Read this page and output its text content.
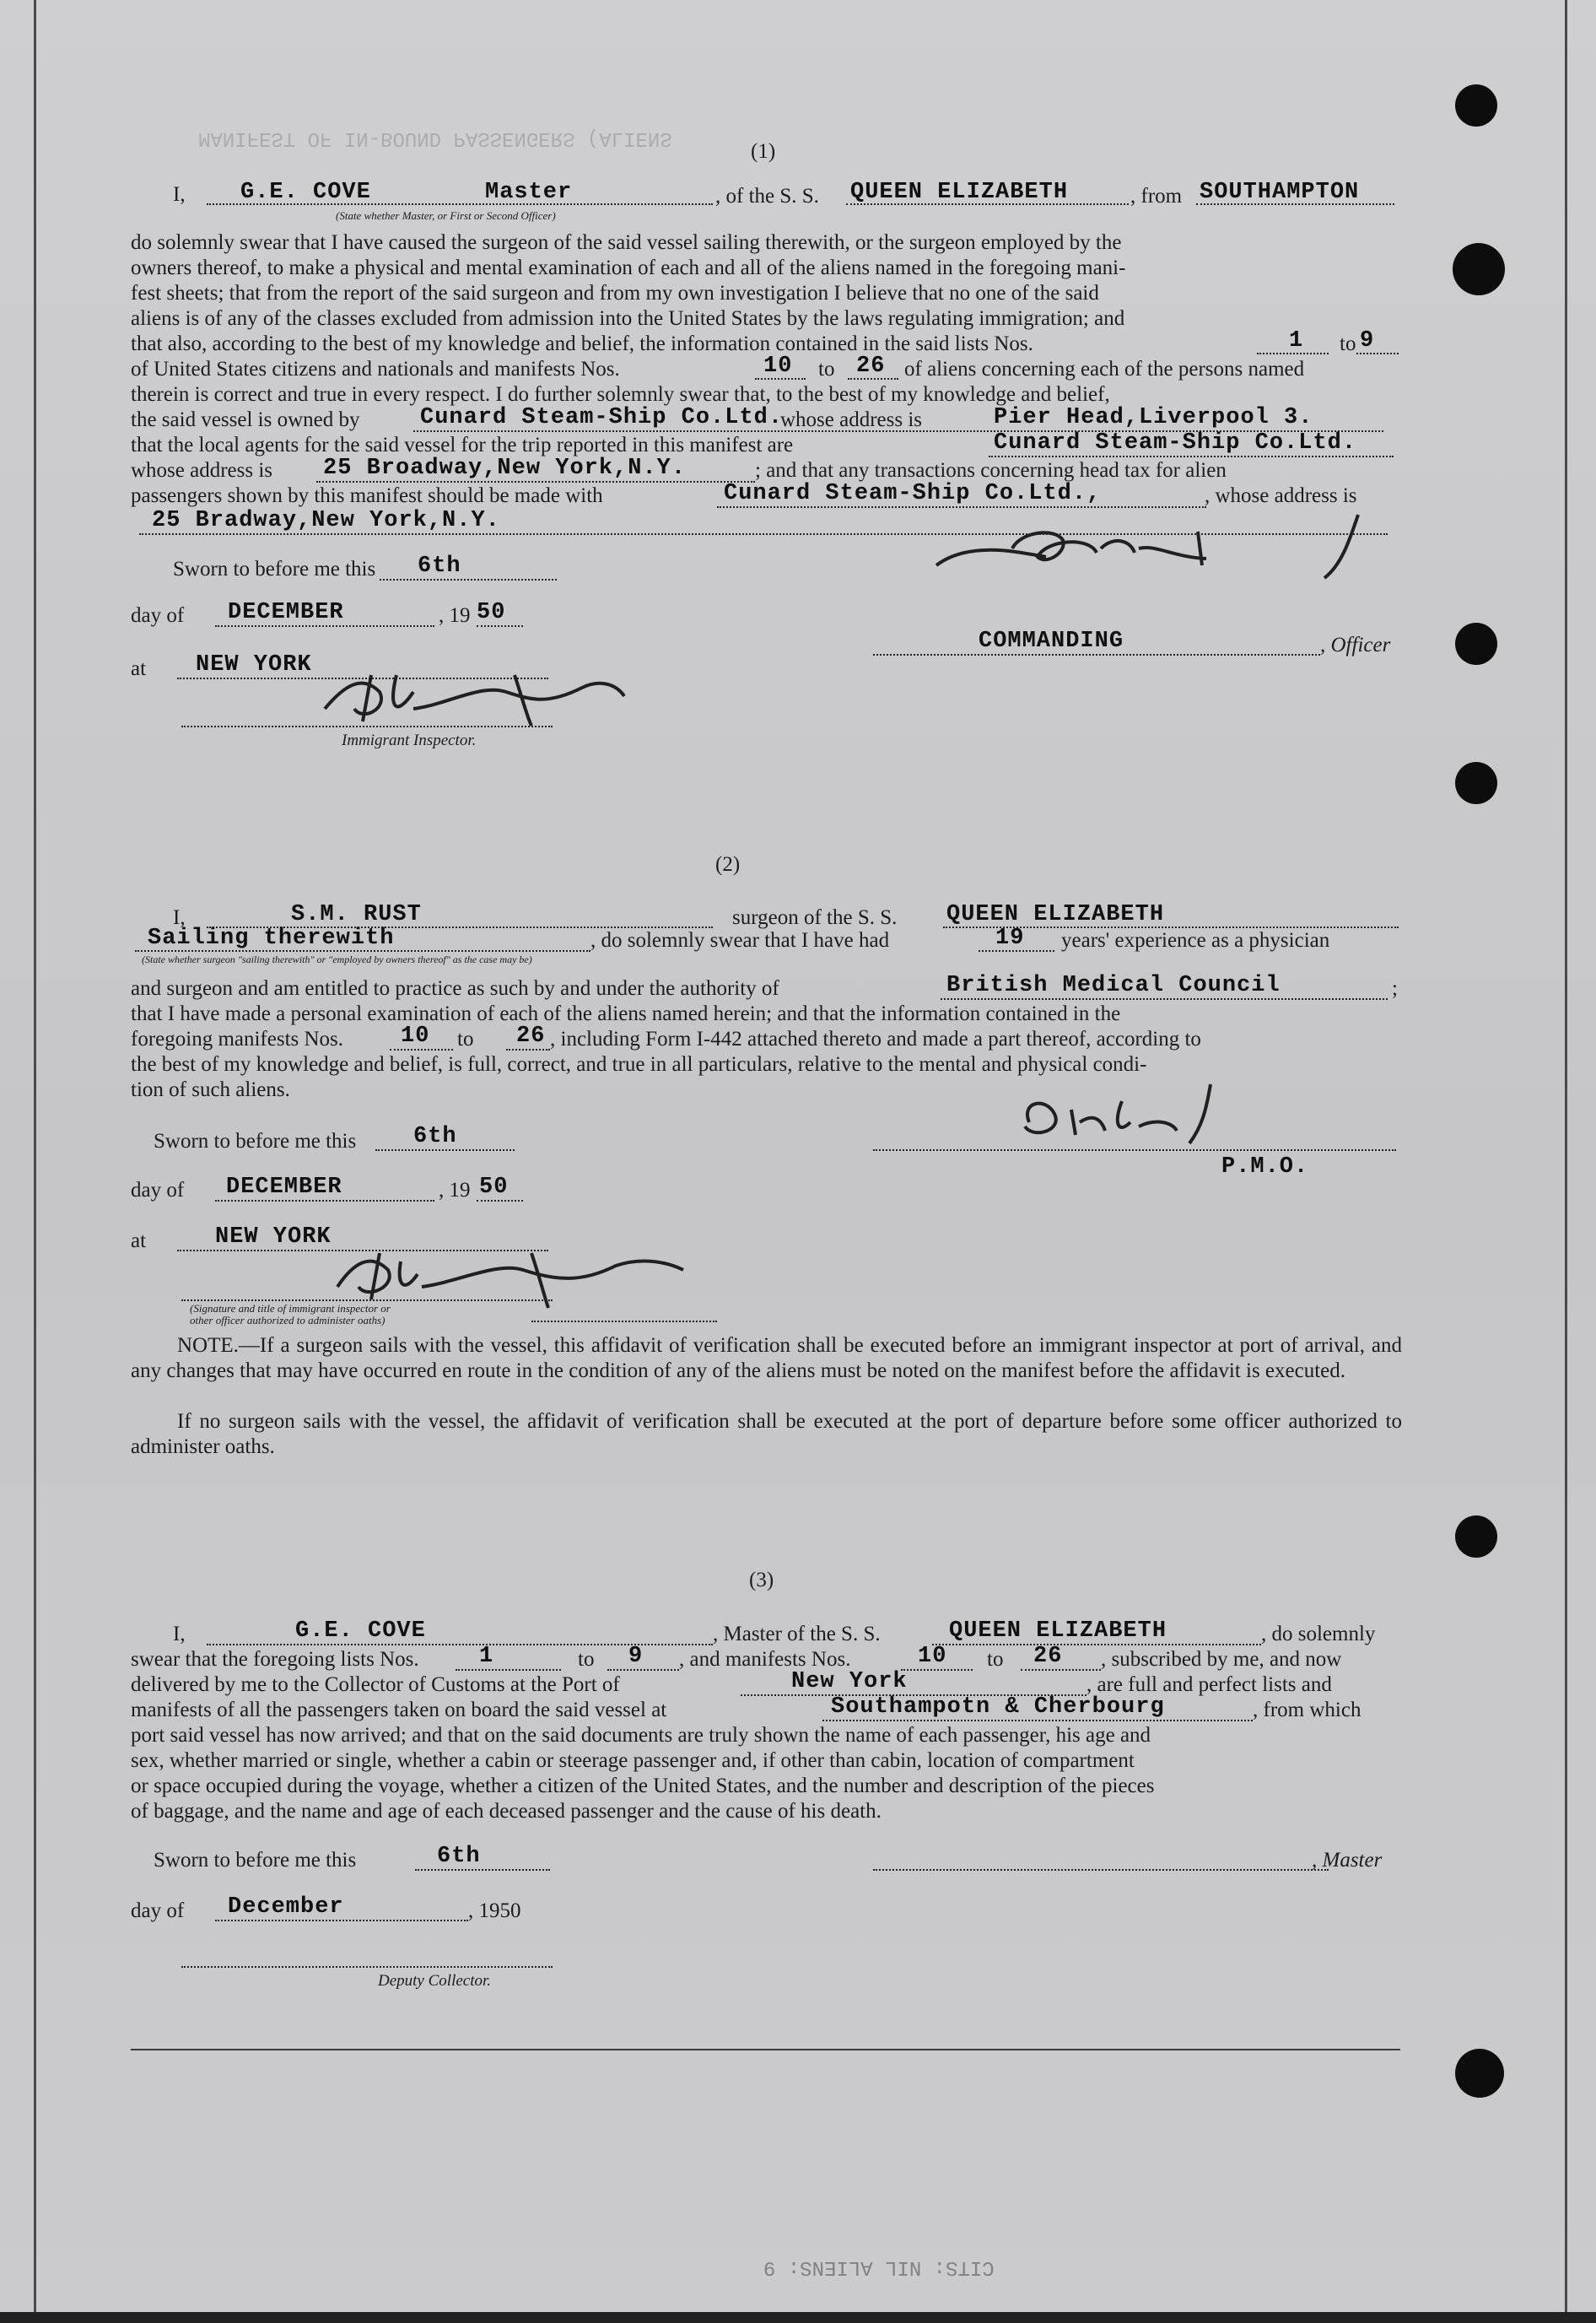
MANIFEST OF IN-BOUND PASSENGERS (ALIENS
(1)
I, G.E. COVE	Master	, of the S. S. QUEEN ELIZABETH	, from SOUTHAMPTON
(State whether Master, or First or Second Officer)
do solemnly swear that I have caused the surgeon of the said vessel sailing therewith, or the surgeon employed by the
owners thereof, to make a physical and mental examination of each and all of the aliens named in the foregoing mani-
fest sheets; that from the report of the said surgeon and from my own investigation I believe that no one of the said
aliens is of any of the classes excluded from admission into the United States by the laws regulating immigration; and
that also, according to the best of my knowledge and belief, the information contained in the said lists Nos.	1 to 9
of United States citizens and nationals and manifests Nos.	10 to 26 of aliens concerning each of the persons named
therein is correct and true in every respect. I do further solemnly swear that, to the best of my knowledge and belief,
the said vessel is owned by	Cunard Steam-Ship Co.Ltd.
whose address is	Pier Head,Liverpool 3.
that the local agents for the said vessel for the trip reported in this manifest are	Cunard Steam-Ship Co.Ltd.
whose address is 25 Broadway,New York,N.Y.	; and that any transactions concerning head tax for alien
passengers shown by this manifest should be made with	Cunard Steam-Ship Co.Ltd.,	, whose address is
25 Bradway,New York,N.Y.
Sworn to before me this 6th
day of DECEMBER	, 19 50
at NEW YORK
COMMANDING	, Officer
Immigrant Inspector.
(2)
I,	S.M. RUST	surgeon of the S. S. QUEEN ELIZABETH
Sailing therewith	, do solemnly swear that I have had	19 years' experience as a physician
(State whether surgeon "sailing therewith" or "employed by owners thereof" as the case may be)
and surgeon and am entitled to practice as such by and under the authority of	British Medical Council	;
that I have made a personal examination of each of the aliens named herein; and that the information contained in the
foregoing manifests Nos.	10 to 26 , including Form I-442 attached thereto and made a part thereof, according to
the best of my knowledge and belief, is full, correct, and true in all particulars, relative to the mental and physical condi-
tion of such aliens.
Sworn to before me this	6th
day of DECEMBER	, 19 50
P.M.O.
at	NEW YORK
(Signature and title of immigrant inspector or
other officer authorized to administer oaths)
NOTE.—If a surgeon sails with the vessel, this affidavit of verification shall be executed before an immigrant inspector at port of arrival, and any changes that may have occurred en route in the condition of any of the aliens must be noted on the manifest before the affidavit is executed.
If no surgeon sails with the vessel, the affidavit of verification shall be executed at the port of departure before some officer authorized to administer oaths.
(3)
I,	G.E. COVE	, Master of the S. S.	QUEEN ELIZABETH	, do solemnly
swear that the foregoing lists Nos.	1	to 9 , and manifests Nos.	10 to 26 , subscribed by me, and now
delivered by me to the Collector of Customs at the Port of	New York	, are full and perfect lists and
manifests of all the passengers taken on board the said vessel at	Southampotn & Cherbourg	, from which
port said vessel has now arrived; and that on the said documents are truly shown the name of each passenger, his age and
sex, whether married or single, whether a cabin or steerage passenger and, if other than cabin, location of compartment
or space occupied during the voyage, whether a citizen of the United States, and the number and description of the pieces
of baggage, and the name and age of each deceased passenger and the cause of his death.
Sworn to before me this	6th	, Master
day of December	, 1950
Deputy Collector.
CITS: NIL ALIENS: 9
